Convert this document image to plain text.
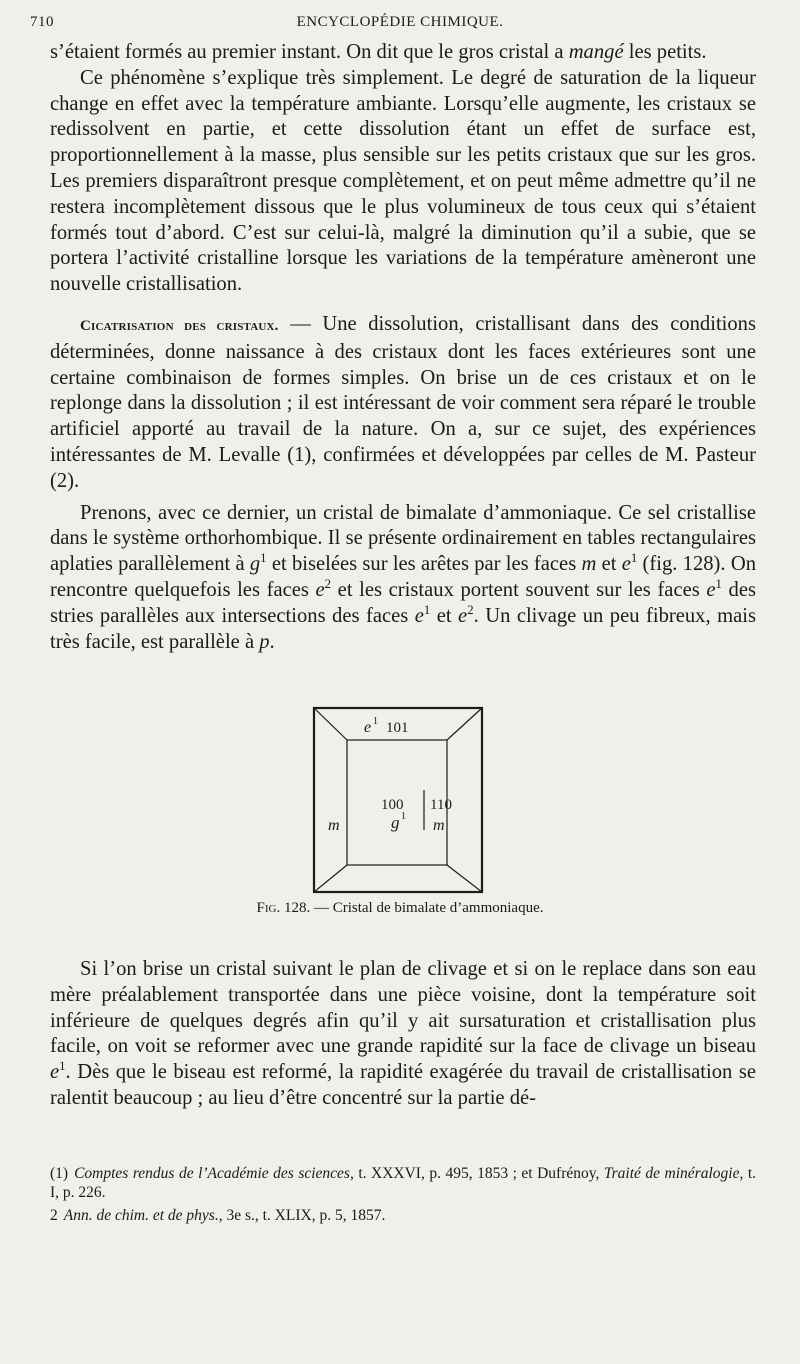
710	ENCYCLOPÉDIE CHIMIQUE.

s’étaient formés au premier instant. On dit que le gros cristal a mangé les petits.

Ce phénomène s’explique très simplement. Le degré de saturation de la liqueur change en effet avec la température ambiante. Lorsqu’elle augmente, les cristaux se redissolvent en partie, et cette dissolution étant un effet de surface est, proportionnellement à la masse, plus sensible sur les petits cristaux que sur les gros. Les premiers disparaîtront presque complètement, et on peut même admettre qu’il ne restera incomplètement dissous que le plus volumineux de tous ceux qui s’étaient formés tout d’abord. C’est sur celui-là, malgré la diminution qu’il a subie, que se portera l’activité cristalline lorsque les variations de la température amèneront une nouvelle cristallisation.

Cicatrisation des cristaux. — Une dissolution, cristallisant dans des conditions déterminées, donne naissance à des cristaux dont les faces extérieures sont une certaine combinaison de formes simples. On brise un de ces cristaux et on le replonge dans la dissolution ; il est intéressant de voir comment sera réparé le trouble artificiel apporté au travail de la nature. On a, sur ce sujet, des expériences intéressantes de M. Levalle (1), confirmées et développées par celles de M. Pasteur (2).

Prenons, avec ce dernier, un cristal de bimalate d’ammoniaque. Ce sel cristallise dans le système orthorhombique. Il se présente ordinairement en tables rectangulaires aplaties parallèlement à $g^1$ et biselées sur les arêtes par les faces m et $e^1$ (fig. 128). On rencontre quelquefois les faces $e^2$ et les cristaux portent souvent sur les faces $e^1$ des stries parallèles aux intersections des faces $e^1$ et $e^2$. Un clivage un peu fibreux, mais très facile, est parallèle à p.

e 1 101
100 110
m	g 1
m
Fig. 128. — Cristal de bimalate d’ammoniaque.

Si l’on brise un cristal suivant le plan de clivage et si on le replace dans son eau mère préalablement transportée dans une pièce voisine, dont la température soit inférieure de quelques degrés afin qu’il y ait sursaturation et cristallisation plus facile, on voit se reformer avec une grande rapidité sur la face de clivage un biseau $e^1$. Dès que le biseau est reformé, la rapidité exagérée du travail de cristallisation se ralentit beaucoup ; au lieu d’être concentré sur la partie dé-

(1) Comptes rendus de l’Académie des sciences, t. XXXVI, p. 495, 1853 ; et Dufrénoy, Traité de minéralogie, t. I, p. 226.

2 Ann. de chim. et de phys., 3e s., t. XLIX, p. 5, 1857.
